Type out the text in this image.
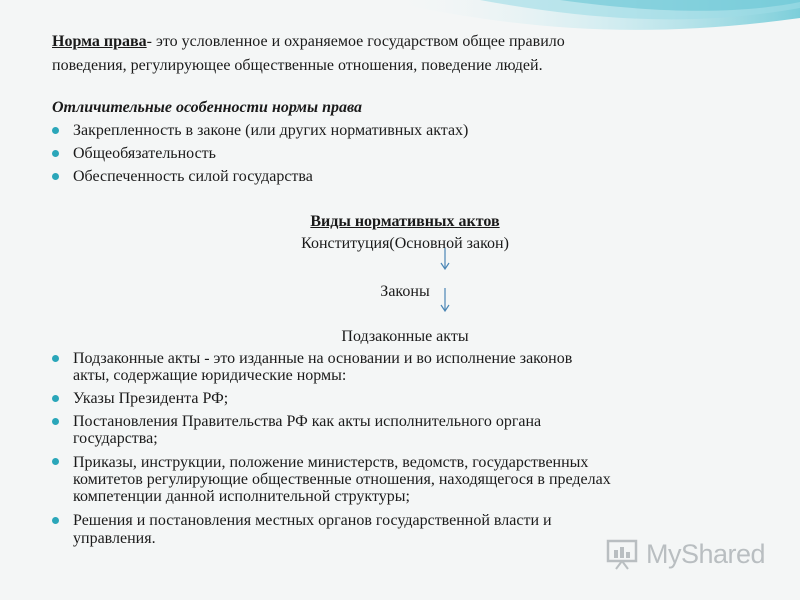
Норма права- это условленное и охраняемое государством общее правило
поведения, регулирующее общественные отношения, поведение людей.
Отличительные особенности нормы права
Закрепленность в законе (или других нормативных актах)
Общеобязательность
Обеспеченность силой государства
Виды нормативных актов
Конституция(Основной закон)
Законы
Подзаконные акты
Подзаконные акты - это изданные на основании и во исполнение законов
акты, содержащие юридические нормы:
Указы Президента РФ;
Постановления Правительства РФ как акты исполнительного органа
государства;
Приказы, инструкции, положение министерств, ведомств, государственных
комитетов регулирующие общественные отношения, находящегося в пределах
компетенции данной исполнительной структуры;
Решения и постановления местных органов государственной власти и
управления.
MyShared
